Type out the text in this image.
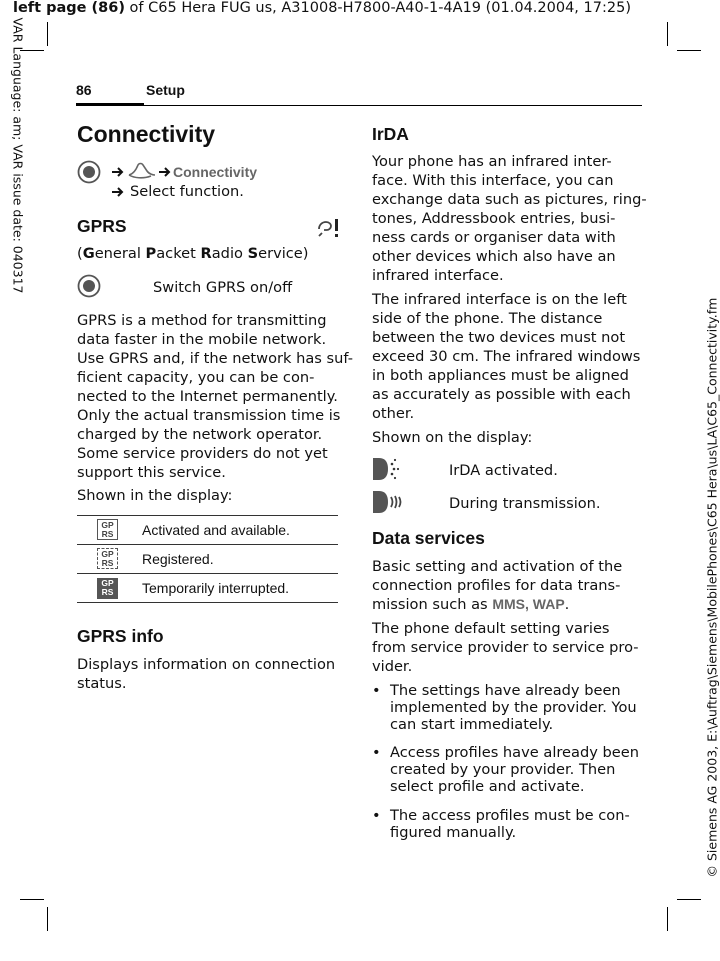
left page (86) of C65 Hera FUG us, A31008-H7800-A40-1-4A19 (01.04.2004, 17:25)
VAR Language: am; VAR issue date: 040317
© Siemens AG 2003, E:\Auftrag\Siemens\MobilePhones\C65 Hera\us\LA\C65_Connectivity.fm
86	Setup
Connectivity
Connectivity
Select function.
GPRS
(General Packet Radio Service)
Switch GPRS on/off
GPRS is a method for transmitting
data faster in the mobile network.
Use GPRS and, if the network has suf-
ficient capacity, you can be con-
nected to the Internet permanently.
Only the actual transmission time is
charged by the network operator.
Some service providers do not yet
support this service.
Shown in the display:
GP RS	Activated and available.
GP RS	Registered.
GP RS	Temporarily interrupted.
GPRS info
Displays information on connection
status.
IrDA
Your phone has an infrared inter-
face. With this interface, you can
exchange data such as pictures, ring-
tones, Addressbook entries, busi-
ness cards or organiser data with
other devices which also have an
infrared interface.
The infrared interface is on the left
side of the phone. The distance
between the two devices must not
exceed 30 cm. The infrared windows
in both appliances must be aligned
as accurately as possible with each
other.
Shown on the display:
IrDA activated.
During transmission.
Data services
Basic setting and activation of the
connection profiles for data trans-
mission such as MMS, WAP.
The phone default setting varies
from service provider to service pro-
vider.
• The settings have already been
implemented by the provider. You
can start immediately.
• Access profiles have already been
created by your provider. Then
select profile and activate.
• The access profiles must be con-
figured manually.
